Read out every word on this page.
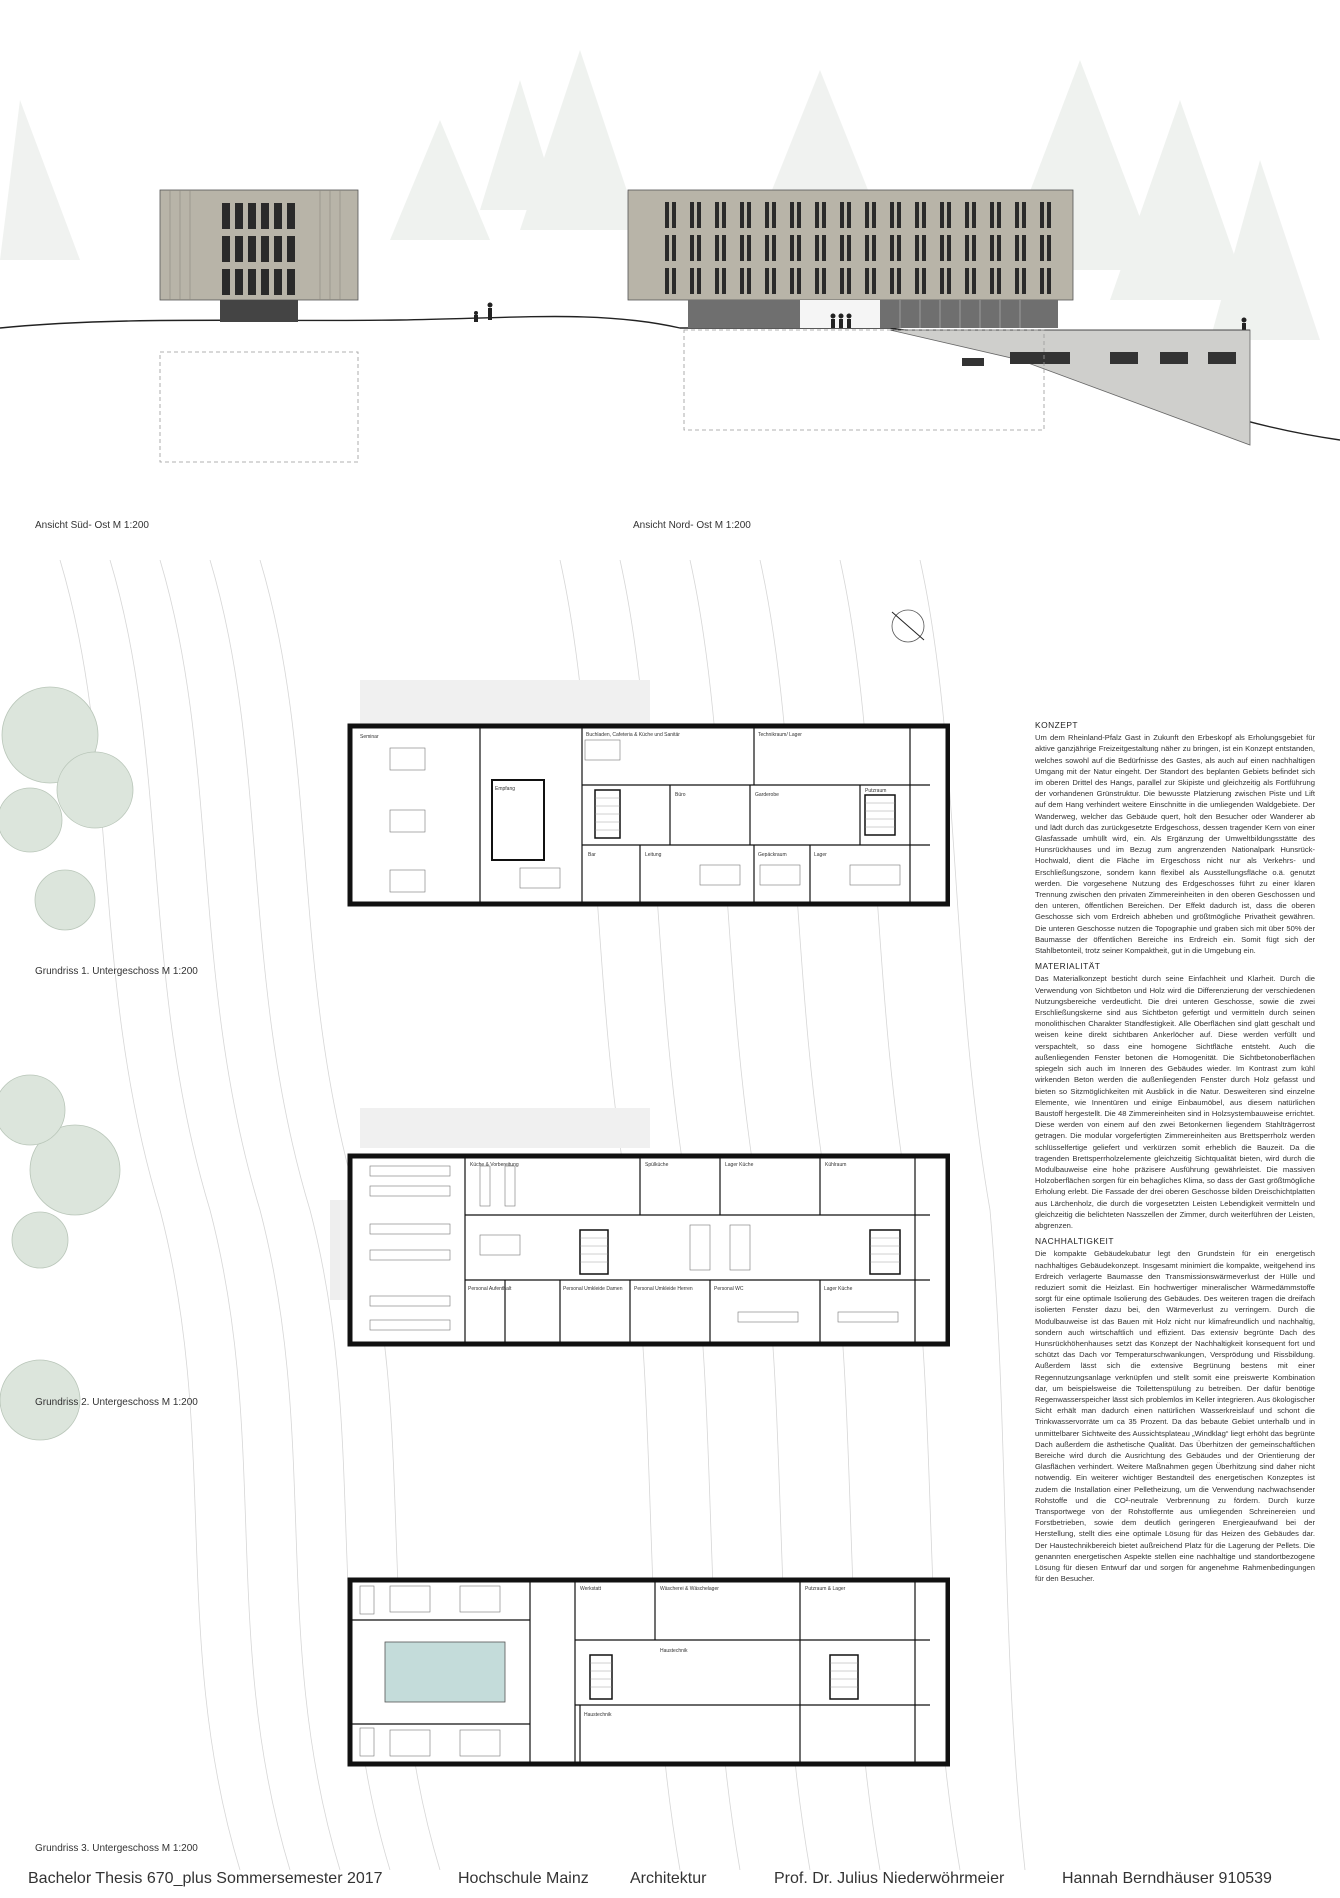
Ansicht Süd- Ost M 1:200	Ansicht Nord- Ost M 1:200
Seminar
Empfang
Bar	Leitung
Büro
Gepäckraum	Lager
Putzraum
Garderobe
Buchladen, Cafeteria & Küche und Sanitär	Technikraum/ Lager
Grundriss 1. Untergeschoss M 1:200
Küche & Vorbereitung	Spülküche	Lager Küche	Kühlraum
Personal Aufenthalt	Personal WC
Personal Umkleide Herren
Personal Umkleide Damen	Lager Küche
Grundriss 2. Untergeschoss M 1:200
Werkstatt	Wäscherei & Wäschelager	Putzraum & Lager
Haustechnik
Haustechnik
Grundriss 3. Untergeschoss M 1:200
KONZEPT

Um dem Rheinland-Pfalz Gast in Zukunft den Erbeskopf als Erholungsgebiet für aktive ganzjährige Freizeitgestaltung näher zu bringen, ist ein Konzept entstanden, welches sowohl auf die Bedürfnisse des Gastes, als auch auf einen nachhaltigen Umgang mit der Natur eingeht. Der Standort des beplanten Gebiets befindet sich im oberen Drittel des Hangs, parallel zur Skipiste und gleichzeitig als Fortführung der vorhandenen Grünstruktur. Die bewusste Platzierung zwischen Piste und Lift auf dem Hang verhindert weitere Einschnitte in die umliegenden Waldgebiete. Der Wanderweg, welcher das Gebäude quert, holt den Besucher oder Wanderer ab und lädt durch das zurückgesetzte Erdgeschoss, dessen tragender Kern von einer Glasfassade umhüllt wird, ein. Als Ergänzung der Umweltbildungsstätte des Hunsrückhauses und im Bezug zum angrenzenden Nationalpark Hunsrück-Hochwald, dient die Fläche im Ergeschoss nicht nur als Verkehrs- und Erschließungszone, sondern kann flexibel als Ausstellungsfläche o.ä. genutzt werden. Die vorgesehene Nutzung des Erdgeschosses führt zu einer klaren Trennung zwischen den privaten Zimmereinheiten in den oberen Geschossen und den unteren, öffentlichen Bereichen. Der Effekt dadurch ist, dass die oberen Geschosse sich vom Erdreich abheben und größtmögliche Privatheit gewähren. Die unteren Geschosse nutzen die Topographie und graben sich mit über 50% der Baumasse der öffentlichen Bereiche ins Erdreich ein. Somit fügt sich der Stahlbetonteil, trotz seiner Kompaktheit, gut in die Umgebung ein.

MATERIALITÄT

Das Materialkonzept besticht durch seine Einfachheit und Klarheit. Durch die Verwendung von Sichtbeton und Holz wird die Differenzierung der verschiedenen Nutzungsbereiche verdeutlicht. Die drei unteren Geschosse, sowie die zwei Erschließungskerne sind aus Sichtbeton gefertigt und vermitteln durch seinen monolithischen Charakter Standfestigkeit. Alle Oberflächen sind glatt geschalt und weisen keine direkt sichtbaren Ankerlöcher auf. Diese werden verfüllt und verspachtelt, so dass eine homogene Sichtfläche entsteht. Auch die außenliegenden Fenster betonen die Homogenität. Die Sichtbetonoberflächen spiegeln sich auch im Inneren des Gebäudes wieder. Im Kontrast zum kühl wirkenden Beton werden die außenliegenden Fenster durch Holz gefasst und bieten so Sitzmöglichkeiten mit Ausblick in die Natur. Desweiteren sind einzelne Elemente, wie Innentüren und einige Einbaumöbel, aus diesem natürlichen Baustoff hergestellt. Die 48 Zimmereinheiten sind in Holzsystembauweise errichtet. Diese werden von einem auf den zwei Betonkernen liegendem Stahlträgerrost getragen. Die modular vorgefertigten Zimmereinheiten aus Brettsperrholz werden schlüsselfertige geliefert und verkürzen somit erheblich die Bauzeit. Da die tragenden Brettsperrholzelemente gleichzeitig Sichtqualität bieten, wird durch die Modulbauweise eine hohe präzisere Ausführung gewährleistet. Die massiven Holzoberflächen sorgen für ein behagliches Klima, so dass der Gast größtmögliche Erholung erlebt. Die Fassade der drei oberen Geschosse bilden Dreischichtplatten aus Lärchenholz, die durch die vorgesetzten Leisten Lebendigkeit vermitteln und gleichzeitig die belichteten Nasszellen der Zimmer, durch weiterführen der Leisten, abgrenzen.

NACHHALTIGKEIT

Die kompakte Gebäudekubatur legt den Grundstein für ein energetisch nachhaltiges Gebäudekonzept. Insgesamt minimiert die kompakte, weitgehend ins Erdreich verlagerte Baumasse den Transmissionswärmeverlust der Hülle und reduziert somit die Heizlast. Ein hochwertiger mineralischer Wärmedämmstoffe sorgt für eine optimale Isolierung des Gebäudes. Des weiteren tragen die dreifach isolierten Fenster dazu bei, den Wärmeverlust zu verringern. Durch die Modulbauweise ist das Bauen mit Holz nicht nur klimafreundlich und nachhaltig, sondern auch wirtschaftlich und effizient. Das extensiv begrünte Dach des Hunsrückhöhenhauses setzt das Konzept der Nachhaltigkeit konsequent fort und schützt das Dach vor Temperaturschwankungen, Versprödung und Rissbildung. Außerdem lässt sich die extensive Begrünung bestens mit einer Regennutzungsanlage verknüpfen und stellt somit eine preiswerte Kombination dar, um beispielsweise die Toilettenspülung zu betreiben. Der dafür benötige Regenwasserspeicher lässt sich problemlos im Keller integrieren. Aus ökologischer Sicht erhält man dadurch einen natürlichen Wasserkreislauf und schont die Trinkwasservorräte um ca 35 Prozent. Da das bebaute Gebiet unterhalb und in unmittelbarer Sichtweite des Aussichtsplateau „Windklag“ liegt erhöht das begrünte Dach außerdem die ästhetische Qualität. Das Überhitzen der gemeinschaftlichen Bereiche wird durch die Ausrichtung des Gebäudes und der Orientierung der Glasflächen verhindert. Weitere Maßnahmen gegen Überhitzung sind daher nicht notwendig. Ein weiterer wichtiger Bestandteil des energetischen Konzeptes ist zudem die Installation einer Pelletheizung, um die Verwendung nachwachsender Rohstoffe und die CO²-neutrale Verbrennung zu fördern. Durch kurze Transportwege von der Rohstoffernte aus umliegenden Schreinereien und Forstbetrieben, sowie dem deutlich geringeren Energieaufwand bei der Herstellung, stellt dies eine optimale Lösung für das Heizen des Gebäudes dar. Der Haustechnikbereich bietet außreichend Platz für die Lagerung der Pellets. Die genannten energetischen Aspekte stellen eine nachhaltige und standortbezogene Lösung für diesen Entwurf dar und sorgen für angenehme Rahmenbedingungen für den Besucher.

Bachelor Thesis 670_plus Sommersemester 2017	Hochschule Mainz	Architektur	Prof. Dr. Julius Niederwöhrmeier	Hannah Berndhäuser 910539
